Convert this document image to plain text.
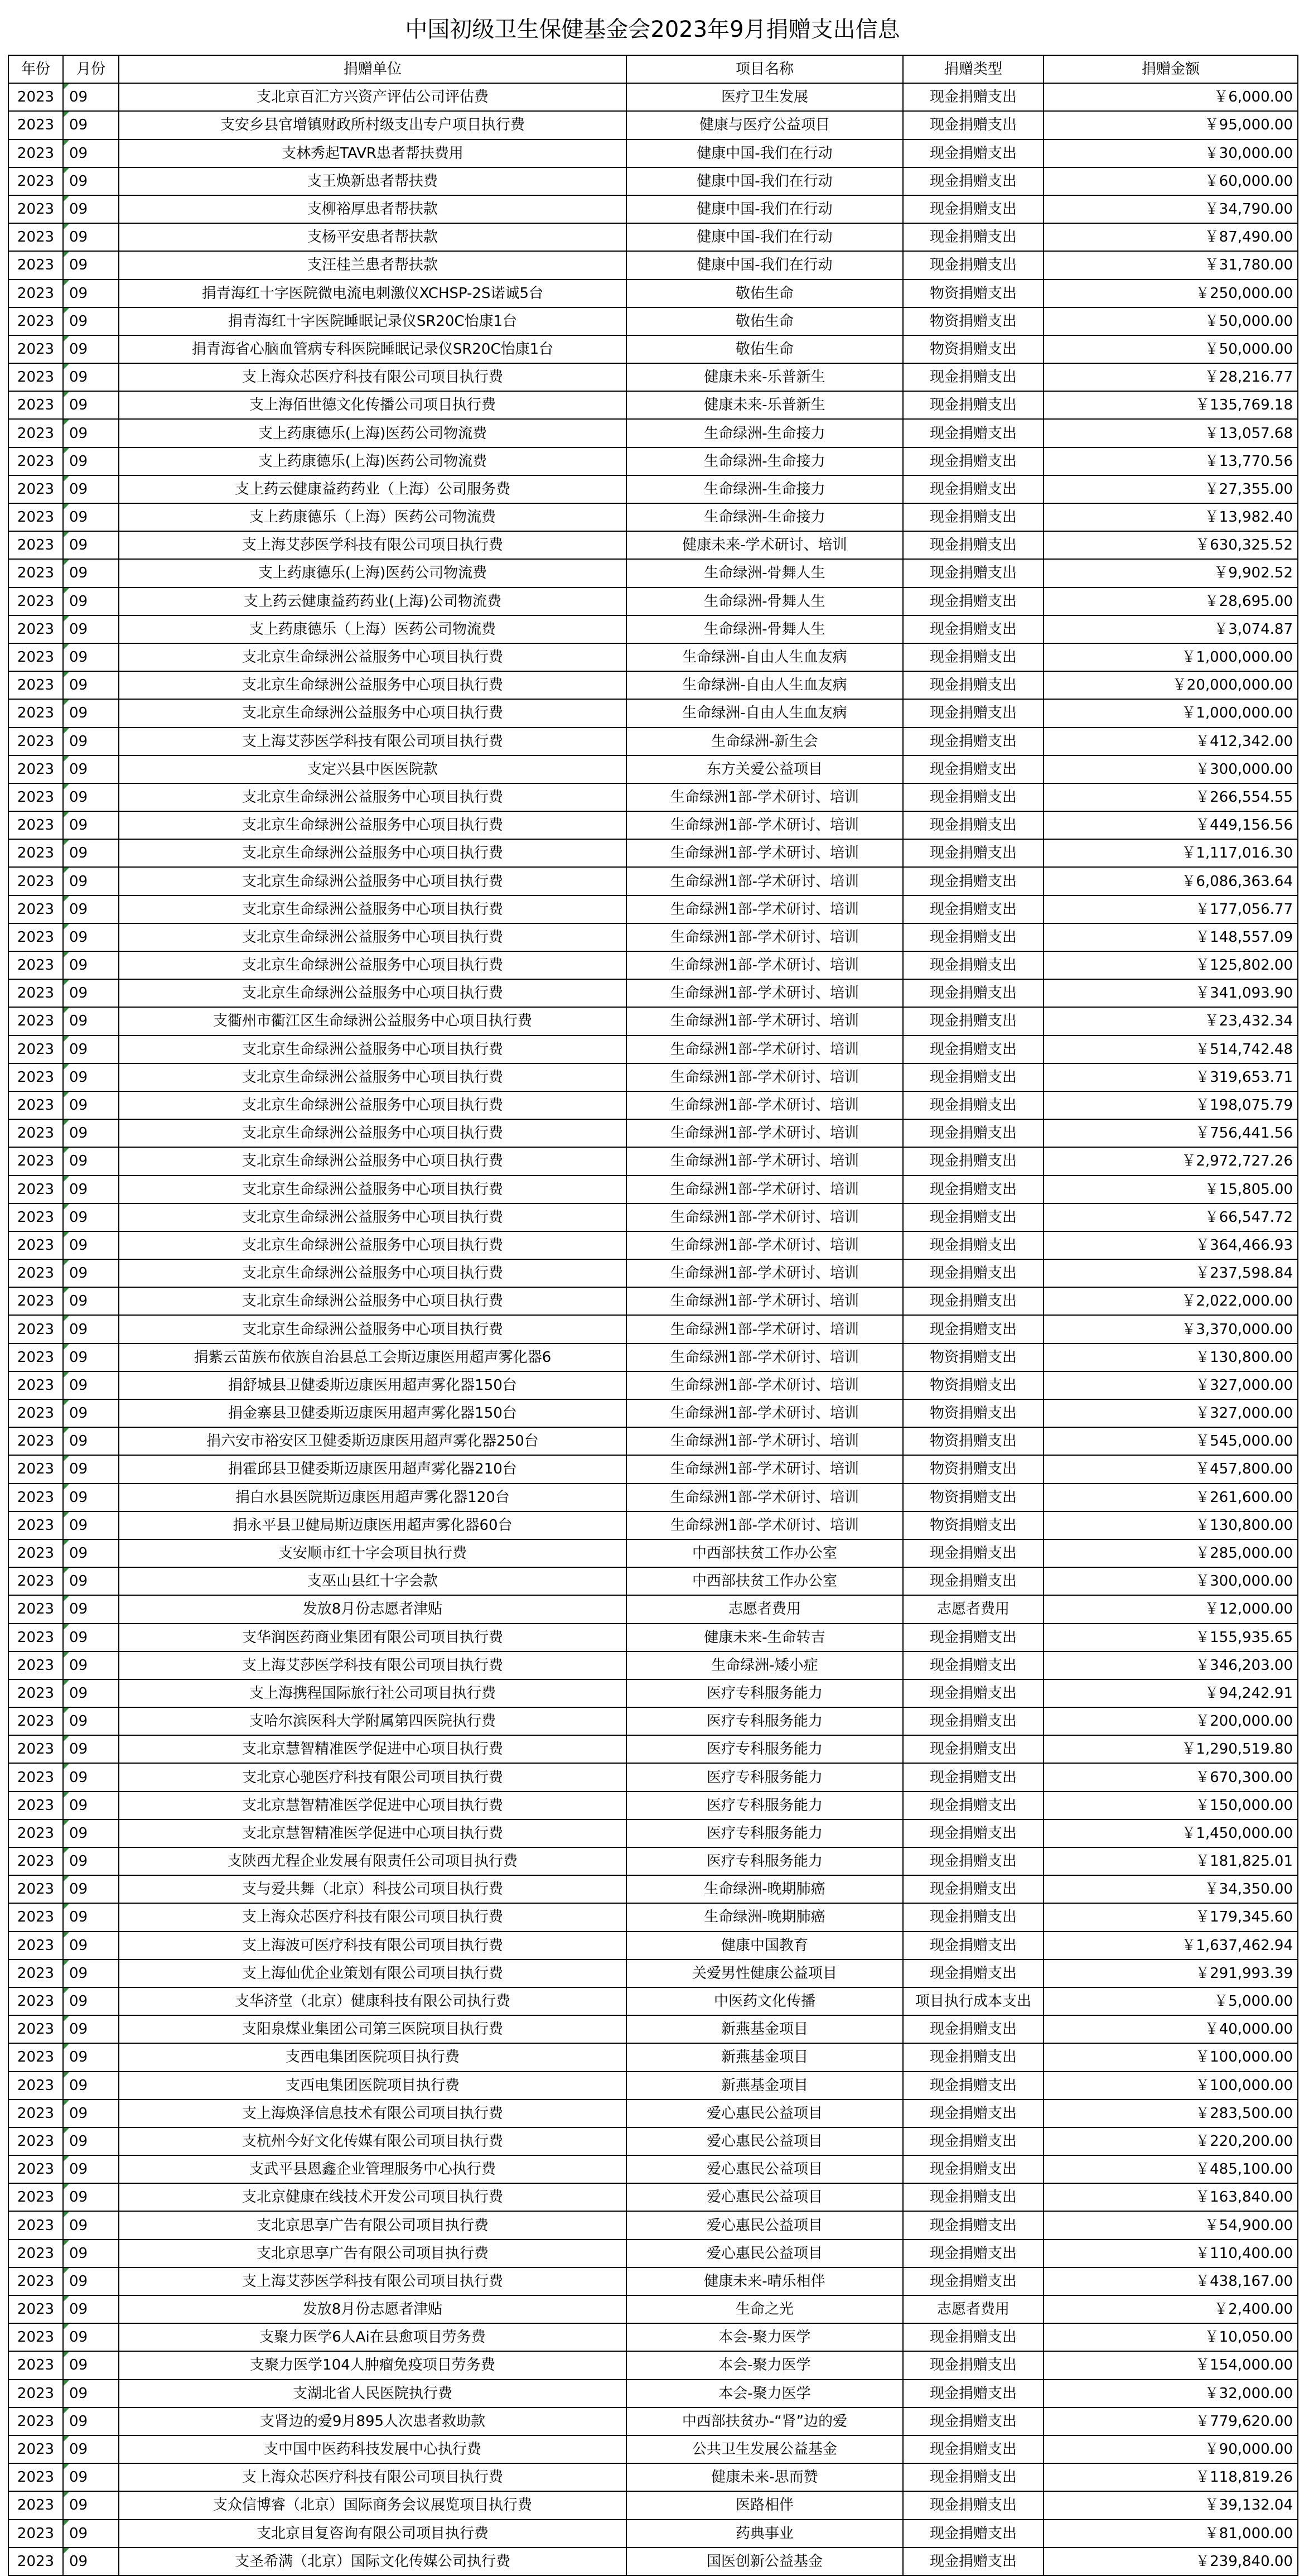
中国初级卫生保健基金会2023年9月捐赠支出信息
年份	月份	捐赠单位	项目名称	捐赠类型	捐赠金额
2023	09	支北京百汇方兴资产评估公司评估费	医疗卫生发展	现金捐赠支出	￥6,000.00
2023	09	支安乡县官增镇财政所村级支出专户项目执行费	健康与医疗公益项目	现金捐赠支出	￥95,000.00
2023	09	支林秀起TAVR患者帮扶费用	健康中国-我们在行动	现金捐赠支出	￥30,000.00
2023	09	支王焕新患者帮扶费	健康中国-我们在行动	现金捐赠支出	￥60,000.00
2023	09	支柳裕厚患者帮扶款	健康中国-我们在行动	现金捐赠支出	￥34,790.00
2023	09	支杨平安患者帮扶款	健康中国-我们在行动	现金捐赠支出	￥87,490.00
2023	09	支汪桂兰患者帮扶款	健康中国-我们在行动	现金捐赠支出	￥31,780.00
2023	09	捐青海红十字医院微电流电刺激仪XCHSP-2S诺诚5台	敬佑生命	物资捐赠支出	￥250,000.00
2023	09	捐青海红十字医院睡眠记录仪SR20C怡康1台	敬佑生命	物资捐赠支出	￥50,000.00
2023	09	捐青海省心脑血管病专科医院睡眠记录仪SR20C怡康1台	敬佑生命	物资捐赠支出	￥50,000.00
2023	09	支上海众芯医疗科技有限公司项目执行费	健康未来-乐普新生	现金捐赠支出	￥28,216.77
2023	09	支上海佰世德文化传播公司项目执行费	健康未来-乐普新生	现金捐赠支出	￥135,769.18
2023	09	支上药康德乐(上海)医药公司物流费	生命绿洲-生命接力	现金捐赠支出	￥13,057.68
2023	09	支上药康德乐(上海)医药公司物流费	生命绿洲-生命接力	现金捐赠支出	￥13,770.56
2023	09	支上药云健康益药药业（上海）公司服务费	生命绿洲-生命接力	现金捐赠支出	￥27,355.00
2023	09	支上药康德乐（上海）医药公司物流费	生命绿洲-生命接力	现金捐赠支出	￥13,982.40
2023	09	支上海艾莎医学科技有限公司项目执行费	健康未来-学术研讨、培训	现金捐赠支出	￥630,325.52
2023	09	支上药康德乐(上海)医药公司物流费	生命绿洲-骨舞人生	现金捐赠支出	￥9,902.52
2023	09	支上药云健康益药药业(上海)公司物流费	生命绿洲-骨舞人生	现金捐赠支出	￥28,695.00
2023	09	支上药康德乐（上海）医药公司物流费	生命绿洲-骨舞人生	现金捐赠支出	￥3,074.87
2023	09	支北京生命绿洲公益服务中心项目执行费	生命绿洲-自由人生血友病	现金捐赠支出	￥1,000,000.00
2023	09	支北京生命绿洲公益服务中心项目执行费	生命绿洲-自由人生血友病	现金捐赠支出	￥20,000,000.00
2023	09	支北京生命绿洲公益服务中心项目执行费	生命绿洲-自由人生血友病	现金捐赠支出	￥1,000,000.00
2023	09	支上海艾莎医学科技有限公司项目执行费	生命绿洲-新生会	现金捐赠支出	￥412,342.00
2023	09	支定兴县中医医院款	东方关爱公益项目	现金捐赠支出	￥300,000.00
2023	09	支北京生命绿洲公益服务中心项目执行费	生命绿洲1部-学术研讨、培训	现金捐赠支出	￥266,554.55
2023	09	支北京生命绿洲公益服务中心项目执行费	生命绿洲1部-学术研讨、培训	现金捐赠支出	￥449,156.56
2023	09	支北京生命绿洲公益服务中心项目执行费	生命绿洲1部-学术研讨、培训	现金捐赠支出	￥1,117,016.30
2023	09	支北京生命绿洲公益服务中心项目执行费	生命绿洲1部-学术研讨、培训	现金捐赠支出	￥6,086,363.64
2023	09	支北京生命绿洲公益服务中心项目执行费	生命绿洲1部-学术研讨、培训	现金捐赠支出	￥177,056.77
2023	09	支北京生命绿洲公益服务中心项目执行费	生命绿洲1部-学术研讨、培训	现金捐赠支出	￥148,557.09
2023	09	支北京生命绿洲公益服务中心项目执行费	生命绿洲1部-学术研讨、培训	现金捐赠支出	￥125,802.00
2023	09	支北京生命绿洲公益服务中心项目执行费	生命绿洲1部-学术研讨、培训	现金捐赠支出	￥341,093.90
2023	09	支衢州市衢江区生命绿洲公益服务中心项目执行费	生命绿洲1部-学术研讨、培训	现金捐赠支出	￥23,432.34
2023	09	支北京生命绿洲公益服务中心项目执行费	生命绿洲1部-学术研讨、培训	现金捐赠支出	￥514,742.48
2023	09	支北京生命绿洲公益服务中心项目执行费	生命绿洲1部-学术研讨、培训	现金捐赠支出	￥319,653.71
2023	09	支北京生命绿洲公益服务中心项目执行费	生命绿洲1部-学术研讨、培训	现金捐赠支出	￥198,075.79
2023	09	支北京生命绿洲公益服务中心项目执行费	生命绿洲1部-学术研讨、培训	现金捐赠支出	￥756,441.56
2023	09	支北京生命绿洲公益服务中心项目执行费	生命绿洲1部-学术研讨、培训	现金捐赠支出	￥2,972,727.26
2023	09	支北京生命绿洲公益服务中心项目执行费	生命绿洲1部-学术研讨、培训	现金捐赠支出	￥15,805.00
2023	09	支北京生命绿洲公益服务中心项目执行费	生命绿洲1部-学术研讨、培训	现金捐赠支出	￥66,547.72
2023	09	支北京生命绿洲公益服务中心项目执行费	生命绿洲1部-学术研讨、培训	现金捐赠支出	￥364,466.93
2023	09	支北京生命绿洲公益服务中心项目执行费	生命绿洲1部-学术研讨、培训	现金捐赠支出	￥237,598.84
2023	09	支北京生命绿洲公益服务中心项目执行费	生命绿洲1部-学术研讨、培训	现金捐赠支出	￥2,022,000.00
2023	09	支北京生命绿洲公益服务中心项目执行费	生命绿洲1部-学术研讨、培训	现金捐赠支出	￥3,370,000.00
2023	09	捐紫云苗族布依族自治县总工会斯迈康医用超声雾化器6	生命绿洲1部-学术研讨、培训	物资捐赠支出	￥130,800.00
2023	09	捐舒城县卫健委斯迈康医用超声雾化器150台	生命绿洲1部-学术研讨、培训	物资捐赠支出	￥327,000.00
2023	09	捐金寨县卫健委斯迈康医用超声雾化器150台	生命绿洲1部-学术研讨、培训	物资捐赠支出	￥327,000.00
2023	09	捐六安市裕安区卫健委斯迈康医用超声雾化器250台	生命绿洲1部-学术研讨、培训	物资捐赠支出	￥545,000.00
2023	09	捐霍邱县卫健委斯迈康医用超声雾化器210台	生命绿洲1部-学术研讨、培训	物资捐赠支出	￥457,800.00
2023	09	捐白水县医院斯迈康医用超声雾化器120台	生命绿洲1部-学术研讨、培训	物资捐赠支出	￥261,600.00
2023	09	捐永平县卫健局斯迈康医用超声雾化器60台	生命绿洲1部-学术研讨、培训	物资捐赠支出	￥130,800.00
2023	09	支安顺市红十字会项目执行费	中西部扶贫工作办公室	现金捐赠支出	￥285,000.00
2023	09	支巫山县红十字会款	中西部扶贫工作办公室	现金捐赠支出	￥300,000.00
2023	09	发放8月份志愿者津贴	志愿者费用	志愿者费用	￥12,000.00
2023	09	支华润医药商业集团有限公司项目执行费	健康未来-生命转吉	现金捐赠支出	￥155,935.65
2023	09	支上海艾莎医学科技有限公司项目执行费	生命绿洲-矮小症	现金捐赠支出	￥346,203.00
2023	09	支上海携程国际旅行社公司项目执行费	医疗专科服务能力	现金捐赠支出	￥94,242.91
2023	09	支哈尔滨医科大学附属第四医院执行费	医疗专科服务能力	现金捐赠支出	￥200,000.00
2023	09	支北京慧智精准医学促进中心项目执行费	医疗专科服务能力	现金捐赠支出	￥1,290,519.80
2023	09	支北京心驰医疗科技有限公司项目执行费	医疗专科服务能力	现金捐赠支出	￥670,300.00
2023	09	支北京慧智精准医学促进中心项目执行费	医疗专科服务能力	现金捐赠支出	￥150,000.00
2023	09	支北京慧智精准医学促进中心项目执行费	医疗专科服务能力	现金捐赠支出	￥1,450,000.00
2023	09	支陕西尤程企业发展有限责任公司项目执行费	医疗专科服务能力	现金捐赠支出	￥181,825.01
2023	09	支与爱共舞（北京）科技公司项目执行费	生命绿洲-晚期肺癌	现金捐赠支出	￥34,350.00
2023	09	支上海众芯医疗科技有限公司项目执行费	生命绿洲-晚期肺癌	现金捐赠支出	￥179,345.60
2023	09	支上海波可医疗科技有限公司项目执行费	健康中国教育	现金捐赠支出	￥1,637,462.94
2023	09	支上海仙优企业策划有限公司项目执行费	关爱男性健康公益项目	现金捐赠支出	￥291,993.39
2023	09	支华济堂（北京）健康科技有限公司执行费	中医药文化传播	项目执行成本支出	￥5,000.00
2023	09	支阳泉煤业集团公司第三医院项目执行费	新燕基金项目	现金捐赠支出	￥40,000.00
2023	09	支西电集团医院项目执行费	新燕基金项目	现金捐赠支出	￥100,000.00
2023	09	支西电集团医院项目执行费	新燕基金项目	现金捐赠支出	￥100,000.00
2023	09	支上海焕泽信息技术有限公司项目执行费	爱心惠民公益项目	现金捐赠支出	￥283,500.00
2023	09	支杭州今好文化传媒有限公司项目执行费	爱心惠民公益项目	现金捐赠支出	￥220,200.00
2023	09	支武平县恩鑫企业管理服务中心执行费	爱心惠民公益项目	现金捐赠支出	￥485,100.00
2023	09	支北京健康在线技术开发公司项目执行费	爱心惠民公益项目	现金捐赠支出	￥163,840.00
2023	09	支北京思享广告有限公司项目执行费	爱心惠民公益项目	现金捐赠支出	￥54,900.00
2023	09	支北京思享广告有限公司项目执行费	爱心惠民公益项目	现金捐赠支出	￥110,400.00
2023	09	支上海艾莎医学科技有限公司项目执行费	健康未来-晴乐相伴	现金捐赠支出	￥438,167.00
2023	09	发放8月份志愿者津贴	生命之光	志愿者费用	￥2,400.00
2023	09	支聚力医学6人Ai在县愈项目劳务费	本会-聚力医学	现金捐赠支出	￥10,050.00
2023	09	支聚力医学104人肿瘤免疫项目劳务费	本会-聚力医学	现金捐赠支出	￥154,000.00
2023	09	支湖北省人民医院执行费	本会-聚力医学	现金捐赠支出	￥32,000.00
2023	09	支肾边的爱9月895人次患者救助款	中西部扶贫办-“肾”边的爱	现金捐赠支出	￥779,620.00
2023	09	支中国中医药科技发展中心执行费	公共卫生发展公益基金	现金捐赠支出	￥90,000.00
2023	09	支上海众芯医疗科技有限公司项目执行费	健康未来-思而赞	现金捐赠支出	￥118,819.26
2023	09	支众信博睿（北京）国际商务会议展览项目执行费	医路相伴	现金捐赠支出	￥39,132.04
2023	09	支北京目复咨询有限公司项目执行费	药典事业	现金捐赠支出	￥81,000.00
2023	09	支圣希满（北京）国际文化传媒公司执行费	国医创新公益基金	现金捐赠支出	￥239,840.00
